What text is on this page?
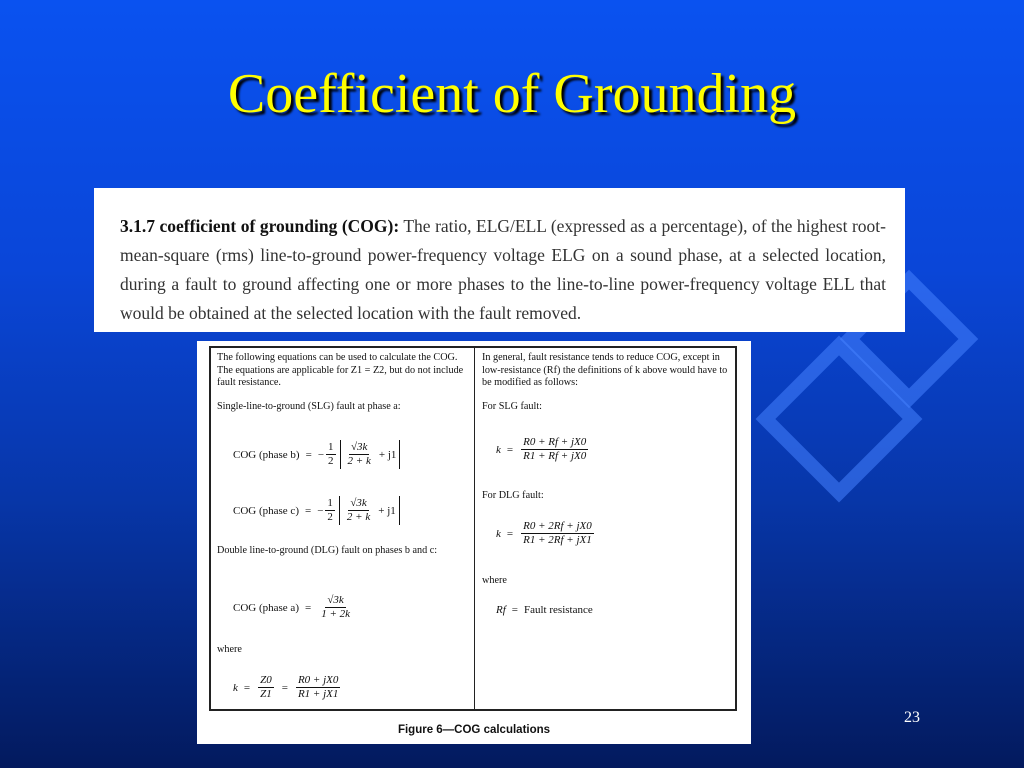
Coefficient of Grounding
3.1.7 coefficient of grounding (COG): The ratio, ELG/ELL (expressed as a percentage), of the highest root-mean-square (rms) line-to-ground power-frequency voltage ELG on a sound phase, at a selected location, during a fault to ground affecting one or more phases to the line-to-line power-frequency voltage ELL that would be obtained at the selected location with the fault removed.

The following equations can be used to calculate the COG. The equations are applicable for Z1 = Z2, but do not include fault resistance.

Single-line-to-ground (SLG) fault at phase a:

COG (phase b) = − $\frac{1}{2} \frac{√3k}{2 + k} + j1$
COG (phase c) = − $\frac{1}{2} \frac{√3k}{2 + k} + j1$

Double line-to-ground (DLG) fault on phases b and c:

COG (phase $a) = \frac{√3k}{1 + 2k}$

where

$k = \frac{Z0}{Z1} = \frac{R0 + jX0}{R1 + jX1}$

In general, fault resistance tends to reduce COG, except in low-resistance (Rf) the definitions of k above would have to be modified as follows:

For SLG fault:

$k = \frac{R0 + Rf + jX0}{R1 + Rf + jX0}$

For DLG fault:

$k = \frac{R0 + 2Rf + jX0}{R1 + 2Rf + jX1}$

where

Rf = Fault resistance
Figure 6—COG calculations
23
